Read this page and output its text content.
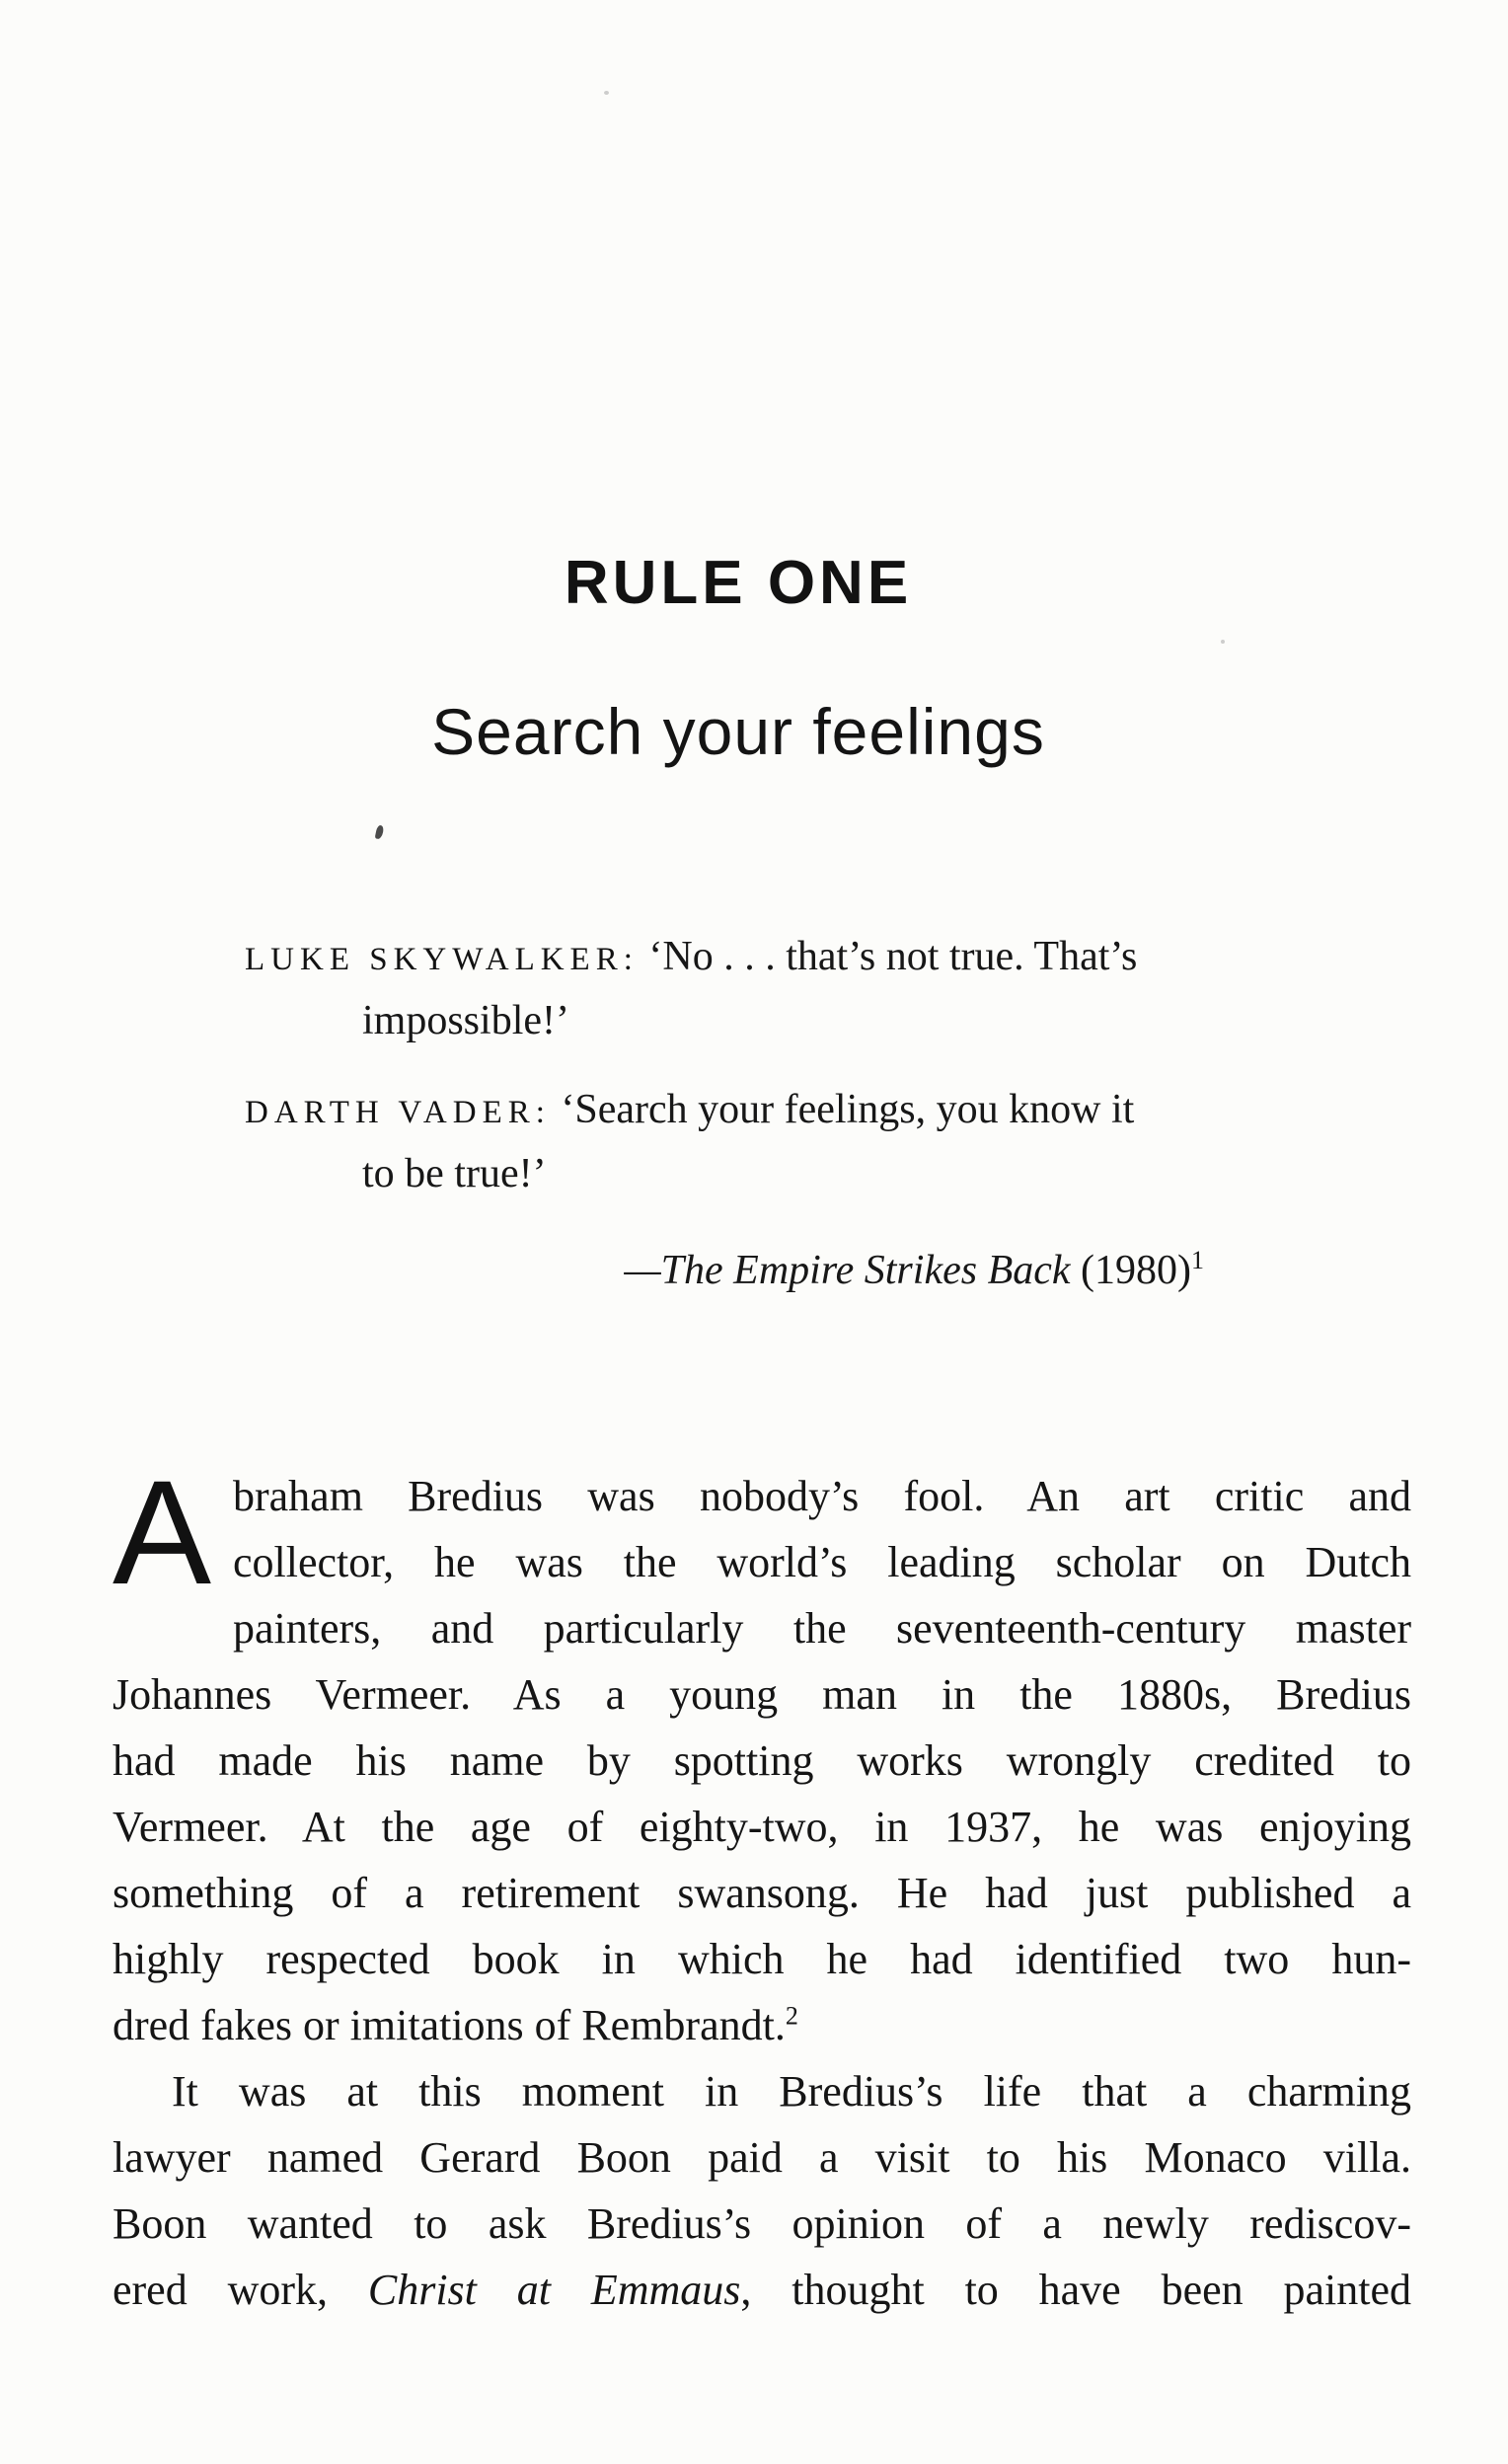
RULE ONE
Search your feelings
LUKE SKYWALKER: ‘No . . . that’s not true. That’s
impossible!’
DARTH VADER: ‘Search your feelings, you know it
to be true!’
—The Empire Strikes Back $(1980)^1$
A braham Bredius was nobody’s fool. An art critic and
collector, he was the world’s leading scholar on Dutch
painters, and particularly the seventeenth-century master
Johannes Vermeer. As a young man in the 1880s, Bredius
had made his name by spotting works wrongly credited to
Vermeer. At the age of eighty-two, in 1937, he was enjoying
something of a retirement swansong. He had just published a
highly respected book in which he had identified two hun-
dred fakes or imitations of Rembrandt.$^2$
It was at this moment in Bredius’s life that a charming
lawyer named Gerard Boon paid a visit to his Monaco villa.
Boon wanted to ask Bredius’s opinion of a newly rediscov-
ered work, Christ at Emmaus, thought to have been painted
